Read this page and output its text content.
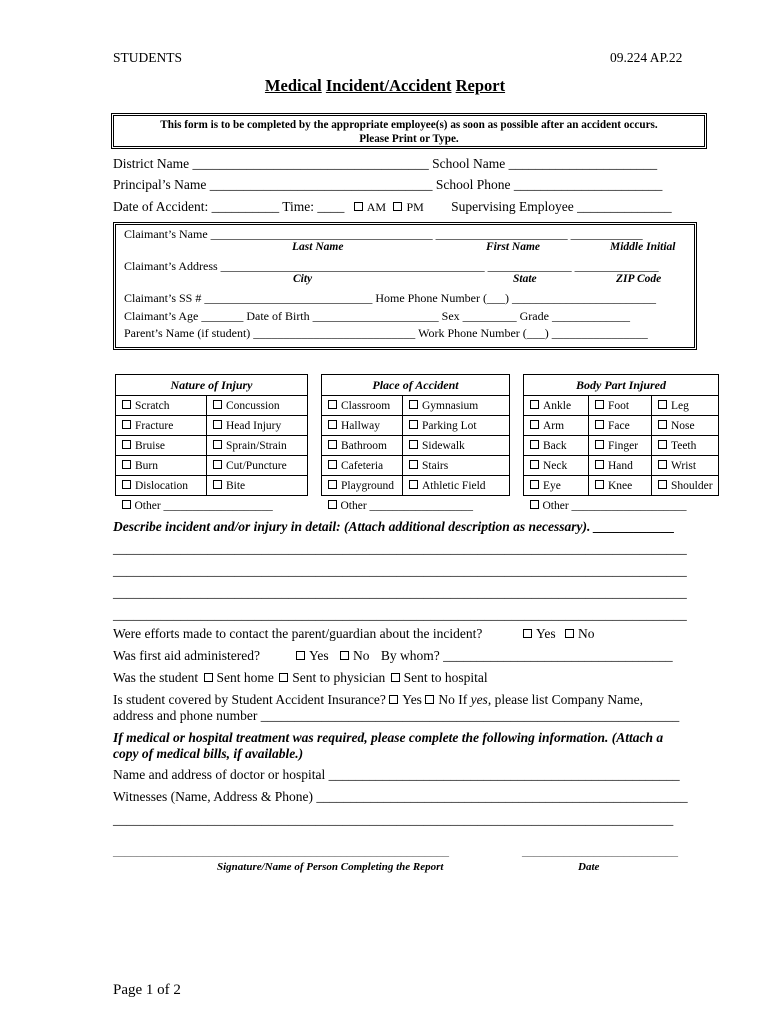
STUDENTS	09.224 AP.22
Medical Incident/Accident Report
This form is to be completed by the appropriate employee(s) as soon as possible after an accident occurs.
Please Print or Type.
District Name ___________________________________ School Name ______________________
Principal’s Name _________________________________ School Phone ______________________
Date of Accident: __________ Time: ____ AM PM Supervising Employee ______________
Claimant’s Name _____________________________________ ______________________ ____________
Last Name	First Name	Middle Initial
Claimant’s Address ____________________________________________ ______________ ______________
City	State	ZIP Code
Claimant’s SS # ____________________________ Home Phone Number (___) ________________________
Claimant’s Age _______ Date of Birth _____________________ Sex _________ Grade _____________
Parent’s Name (if student) ___________________________ Work Phone Number (___) ________________
Nature of Injury	
Scratch	Concussion
Fracture	Head Injury
Bruise	Sprain/Strain
Burn	Cut/Puncture
Dislocation	Bite
Other ___________________	
Place of Accident	
Classroom	Gymnasium
Hallway	Parking Lot
Bathroom	Sidewalk
Cafeteria	Stairs
Playground	Athletic Field
Other __________________	
Body Part Injured		
Ankle	Foot	Leg
Arm	Face	Nose
Back	Finger	Teeth
Neck	Hand	Wrist
Eye	Knee	Shoulder
Other ____________________		
Describe incident and/or injury in detail: (Attach additional description as necessary). ____________
_____________________________________________________________________________________
_____________________________________________________________________________________
_____________________________________________________________________________________
_____________________________________________________________________________________
Were efforts made to contact the parent/guardian about the incident?	Yes No
Was first aid administered?	Yes No By whom? __________________________________
Was the student Sent home Sent to physician Sent to hospital
Is student covered by Student Accident Insurance? Yes No If yes, please list Company Name,
address and phone number ______________________________________________________________
If medical or hospital treatment was required, please complete the following information. (Attach a
copy of medical bills, if available.)
Name and address of doctor or hospital ____________________________________________________
Witnesses (Name, Address & Phone) _______________________________________________________
___________________________________________________________________________________
________________________________________________________	__________________________
Signature/Name of Person Completing the Report	Date
Page 1 of 2
